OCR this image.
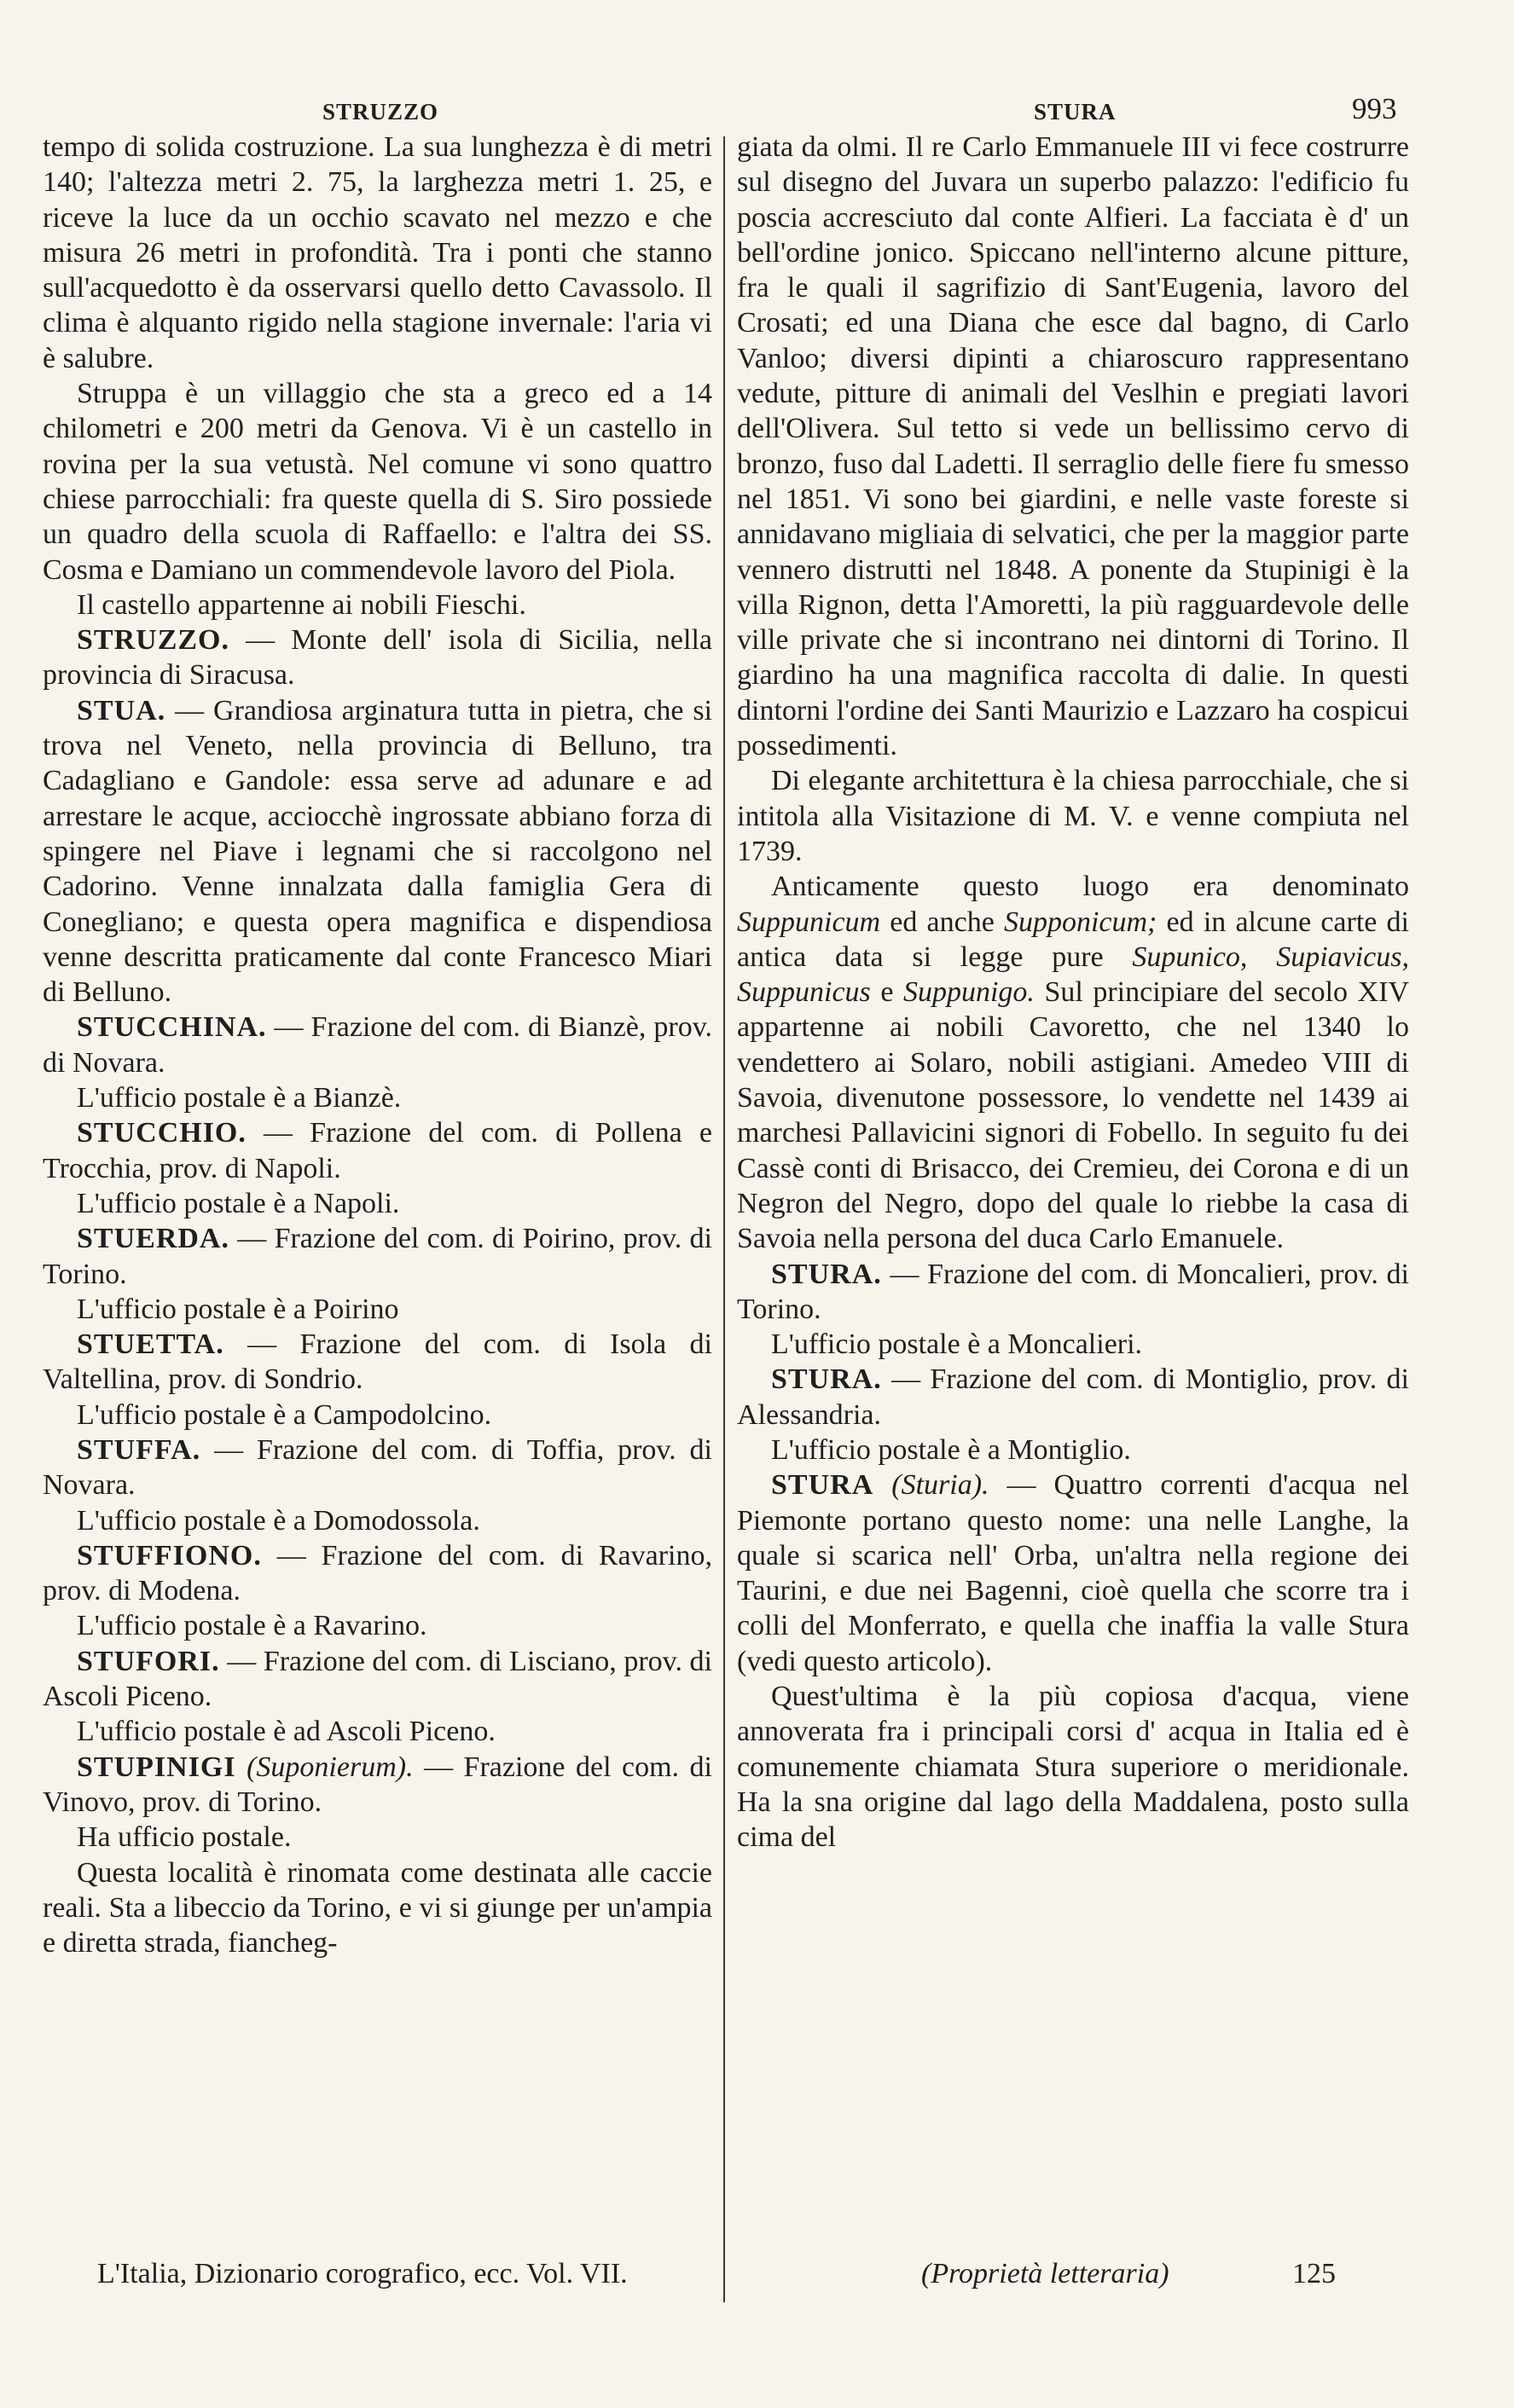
STRUZZO	STURA	993

tempo di solida costruzione. La sua lunghezza è di metri 140; l'altezza metri 2. 75, la larghezza metri 1. 25, e riceve la luce da un occhio scavato nel mezzo e che misura 26 metri in profondità. Tra i ponti che stanno sull'acquedotto è da osservarsi quello detto Cavassolo. Il clima è alquanto rigido nella stagione invernale: l'aria vi è salubre.

Struppa è un villaggio che sta a greco ed a 14 chilometri e 200 metri da Genova. Vi è un castello in rovina per la sua vetustà. Nel comune vi sono quattro chiese parrocchiali: fra queste quella di S. Siro possiede un quadro della scuola di Raffaello: e l'altra dei SS. Cosma e Damiano un commendevole lavoro del Piola.

Il castello appartenne ai nobili Fieschi.

STRUZZO. — Monte dell' isola di Sicilia, nella provincia di Siracusa.

STUA. — Grandiosa arginatura tutta in pietra, che si trova nel Veneto, nella provincia di Belluno, tra Cadagliano e Gandole: essa serve ad adunare e ad arrestare le acque, acciocchè ingrossate abbiano forza di spingere nel Piave i legnami che si raccolgono nel Cadorino. Venne innalzata dalla famiglia Gera di Conegliano; e questa opera magnifica e dispendiosa venne descritta praticamente dal conte Francesco Miari di Belluno.

STUCCHINA. — Frazione del com. di Bianzè, prov. di Novara.

L'ufficio postale è a Bianzè.

STUCCHIO. — Frazione del com. di Pollena e Trocchia, prov. di Napoli.

L'ufficio postale è a Napoli.

STUERDA. — Frazione del com. di Poirino, prov. di Torino.

L'ufficio postale è a Poirino

STUETTA. — Frazione del com. di Isola di Valtellina, prov. di Sondrio.

L'ufficio postale è a Campodolcino.

STUFFA. — Frazione del com. di Toffia, prov. di Novara.

L'ufficio postale è a Domodossola.

STUFFIONO. — Frazione del com. di Ravarino, prov. di Modena.

L'ufficio postale è a Ravarino.

STUFORI. — Frazione del com. di Lisciano, prov. di Ascoli Piceno.

L'ufficio postale è ad Ascoli Piceno.

STUPINIGI (Suponierum). — Frazione del com. di Vinovo, prov. di Torino.

Ha ufficio postale.

Questa località è rinomata come destinata alle caccie reali. Sta a libeccio da Torino, e vi si giunge per un'ampia e diretta strada, fiancheg-

giata da olmi. Il re Carlo Emmanuele III vi fece costrurre sul disegno del Juvara un superbo palazzo: l'edificio fu poscia accresciuto dal conte Alfieri. La facciata è d' un bell'ordine jonico. Spiccano nell'interno alcune pitture, fra le quali il sagrifizio di Sant'Eugenia, lavoro del Crosati; ed una Diana che esce dal bagno, di Carlo Vanloo; diversi dipinti a chiaroscuro rappresentano vedute, pitture di animali del Veslhin e pregiati lavori dell'Olivera. Sul tetto si vede un bellissimo cervo di bronzo, fuso dal Ladetti. Il serraglio delle fiere fu smesso nel 1851. Vi sono bei giardini, e nelle vaste foreste si annidavano migliaia di selvatici, che per la maggior parte vennero distrutti nel 1848. A ponente da Stupinigi è la villa Rignon, detta l'Amoretti, la più ragguardevole delle ville private che si incontrano nei dintorni di Torino. Il giardino ha una magnifica raccolta di dalie. In questi dintorni l'ordine dei Santi Maurizio e Lazzaro ha cospicui possedimenti.

Di elegante architettura è la chiesa parrocchiale, che si intitola alla Visitazione di M. V. e venne compiuta nel 1739.

Anticamente questo luogo era denominato Suppunicum ed anche Supponicum; ed in alcune carte di antica data si legge pure Supunico, Supiavicus, Suppunicus e Suppunigo. Sul principiare del secolo XIV appartenne ai nobili Cavoretto, che nel 1340 lo vendettero ai Solaro, nobili astigiani. Amedeo VIII di Savoia, divenutone possessore, lo vendette nel 1439 ai marchesi Pallavicini signori di Fobello. In seguito fu dei Cassè conti di Brisacco, dei Cremieu, dei Corona e di un Negron del Negro, dopo del quale lo riebbe la casa di Savoia nella persona del duca Carlo Emanuele.

STURA. — Frazione del com. di Moncalieri, prov. di Torino.

L'ufficio postale è a Moncalieri.

STURA. — Frazione del com. di Montiglio, prov. di Alessandria.

L'ufficio postale è a Montiglio.

STURA (Sturia). — Quattro correnti d'acqua nel Piemonte portano questo nome: una nelle Langhe, la quale si scarica nell' Orba, un'altra nella regione dei Taurini, e due nei Bagenni, cioè quella che scorre tra i colli del Monferrato, e quella che inaffia la valle Stura (vedi questo articolo).

Quest'ultima è la più copiosa d'acqua, viene annoverata fra i principali corsi d' acqua in Italia ed è comunemente chiamata Stura superiore o meridionale. Ha la sna origine dal lago della Maddalena, posto sulla cima del

L'Italia, Dizionario corografico, ecc. Vol. VII.	(Proprietà letteraria)	125
